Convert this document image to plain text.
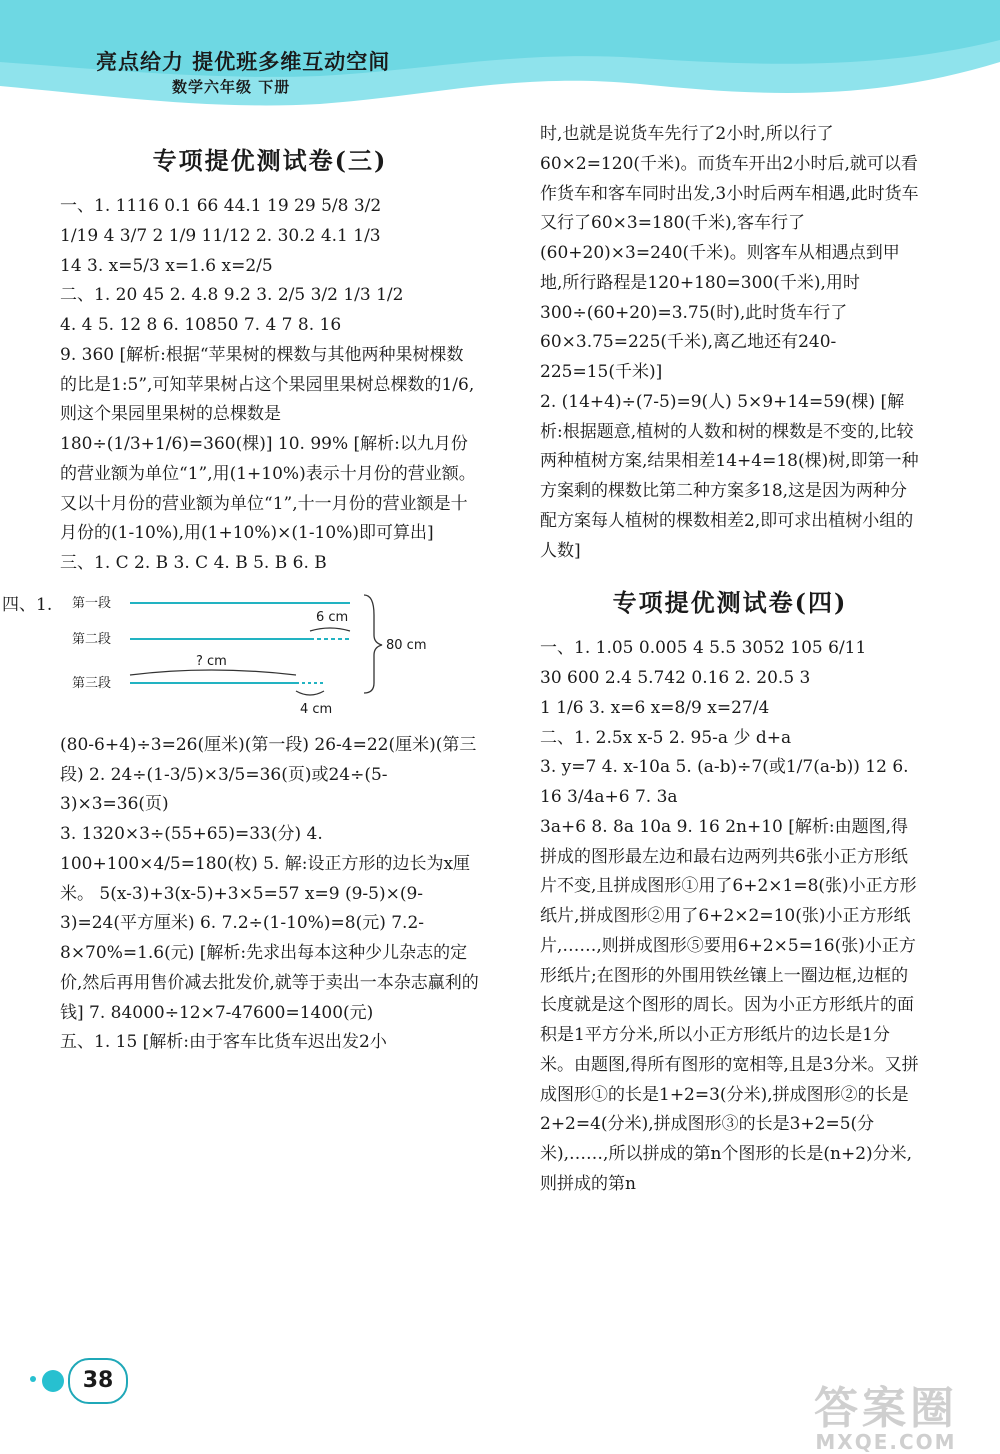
亮点给力 提优班多维互动空间
数学六年级 下册
专项提优测试卷(三)

一、1. 1116 0.1 66 44.1 19 29 5/8 3/2

1/19 4 3/7 2 1/9 11/12 2. 30.2 4.1 1/3

14 3. x=5/3 x=1.6 x=2/5

二、1. 20 45 2. 4.8 9.2 3. 2/5 3/2 1/3 1/2

4. 4 5. 12 8 6. 10850 7. 4 7 8. 16

9. 360 [解析:根据“苹果树的棵数与其他两种果树棵数的比是1:5”,可知苹果树占这个果园里果树总棵数的1/6,则这个果园里果树的总棵数是180÷(1/3+1/6)=360(棵)] 10. 99% [解析:以九月份的营业额为单位“1”,用(1+10%)表示十月份的营业额。又以十月份的营业额为单位“1”,十一月份的营业额是十月份的(1-10%),用(1+10%)×(1-10%)即可算出]

三、1. C 2. B 3. C 4. B 5. B 6. B

四、1. 第一段
第二段
第三段
6 cm
80 cm
? cm
4 cm

(80-6+4)÷3=26(厘米)(第一段) 26-4=22(厘米)(第三段) 2. 24÷(1-3/5)×3/5=36(页)或24÷(5-3)×3=36(页)

3. 1320×3÷(55+65)=33(分) 4. 100+100×4/5=180(枚) 5. 解:设正方形的边长为x厘米。 5(x-3)+3(x-5)+3×5=57 x=9 (9-5)×(9-3)=24(平方厘米) 6. 7.2÷(1-10%)=8(元) 7.2-8×70%=1.6(元) [解析:先求出每本这种少儿杂志的定价,然后再用售价减去批发价,就等于卖出一本杂志赢利的钱] 7. 84000÷12×7-47600=1400(元)

五、1. 15 [解析:由于客车比货车迟出发2小

时,也就是说货车先行了2小时,所以行了60×2=120(千米)。而货车开出2小时后,就可以看作货车和客车同时出发,3小时后两车相遇,此时货车又行了60×3=180(千米),客车行了(60+20)×3=240(千米)。则客车从相遇点到甲地,所行路程是120+180=300(千米),用时300÷(60+20)=3.75(时),此时货车行了60×3.75=225(千米),离乙地还有240-225=15(千米)]

2. (14+4)÷(7-5)=9(人) 5×9+14=59(棵) [解析:根据题意,植树的人数和树的棵数是不变的,比较两种植树方案,结果相差14+4=18(棵)树,即第一种方案剩的棵数比第二种方案多18,这是因为两种分配方案每人植树的棵数相差2,即可求出植树小组的人数]

专项提优测试卷(四)

一、1. 1.05 0.005 4 5.5 3052 105 6/11

30 600 2.4 5.742 0.16 2. 20.5 3

1 1/6 3. x=6 x=8/9 x=27/4

二、1. 2.5x x-5 2. 95-a 少 d+a

3. y=7 4. x-10a 5. (a-b)÷7(或1/7(a-b)) 12 6. 16 3/4a+6 7. 3a

3a+6 8. 8a 10a 9. 16 2n+10 [解析:由题图,得拼成的图形最左边和最右边两列共6张小正方形纸片不变,且拼成图形①用了6+2×1=8(张)小正方形纸片,拼成图形②用了6+2×2=10(张)小正方形纸片,……,则拼成图形⑤要用6+2×5=16(张)小正方形纸片;在图形的外围用铁丝镶上一圈边框,边框的长度就是这个图形的周长。因为小正方形纸片的面积是1平方分米,所以小正方形纸片的边长是1分米。由题图,得所有图形的宽相等,且是3分米。又拼成图形①的长是1+2=3(分米),拼成图形②的长是2+2=4(分米),拼成图形③的长是3+2=5(分米),……,所以拼成的第n个图形的长是(n+2)分米,则拼成的第n

38
答案圈
MXQE.COM
